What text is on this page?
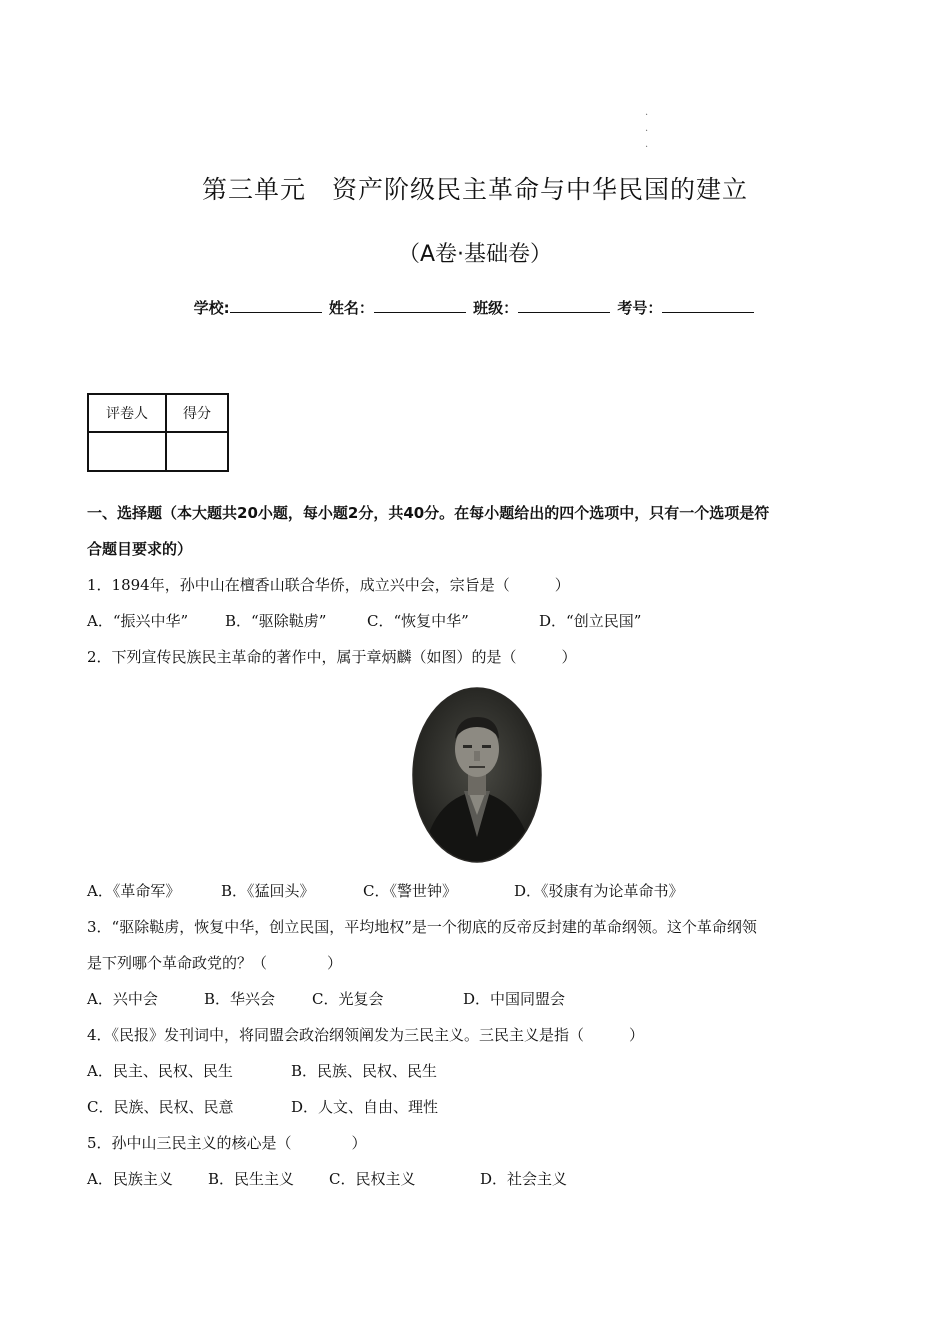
·
·
·
第三单元　资产阶级民主革命与中华民国的建立
（A卷·基础卷）
学校:	姓名：	班级：	考号：
评卷人	得分

一、选择题（本大题共20小题，每小题2分，共40分。在每小题给出的四个选项中，只有一个选项是符

合题目要求的）

1．1894年，孙中山在檀香山联合华侨，成立兴中会，宗旨是（　　　）

A．“振兴中华” B．“驱除鞑虏”	C．“恢复中华”	D．“创立民国”

2．下列宣传民族民主革命的著作中，属于章炳麟（如图）的是（　　　）

A．《革命军》	B．《猛回头》	C．《警世钟》	D．《驳康有为论革命书》

3．“驱除鞑虏，恢复中华，创立民国，平均地权”是一个彻底的反帝反封建的革命纲领。这个革命纲领

是下列哪个革命政党的？（　　　　）

A．兴中会	B．华兴会 C．光复会	D．中国同盟会

4．《民报》发刊词中，将同盟会政治纲领阐发为三民主义。三民主义是指（　　　）

A．民主、民权、民生	B．民族、民权、民生

C．民族、民权、民意	D．人文、自由、理性

5．孙中山三民主义的核心是（　　　　）

A．民族主义 B．民生主义 C．民权主义	D．社会主义
